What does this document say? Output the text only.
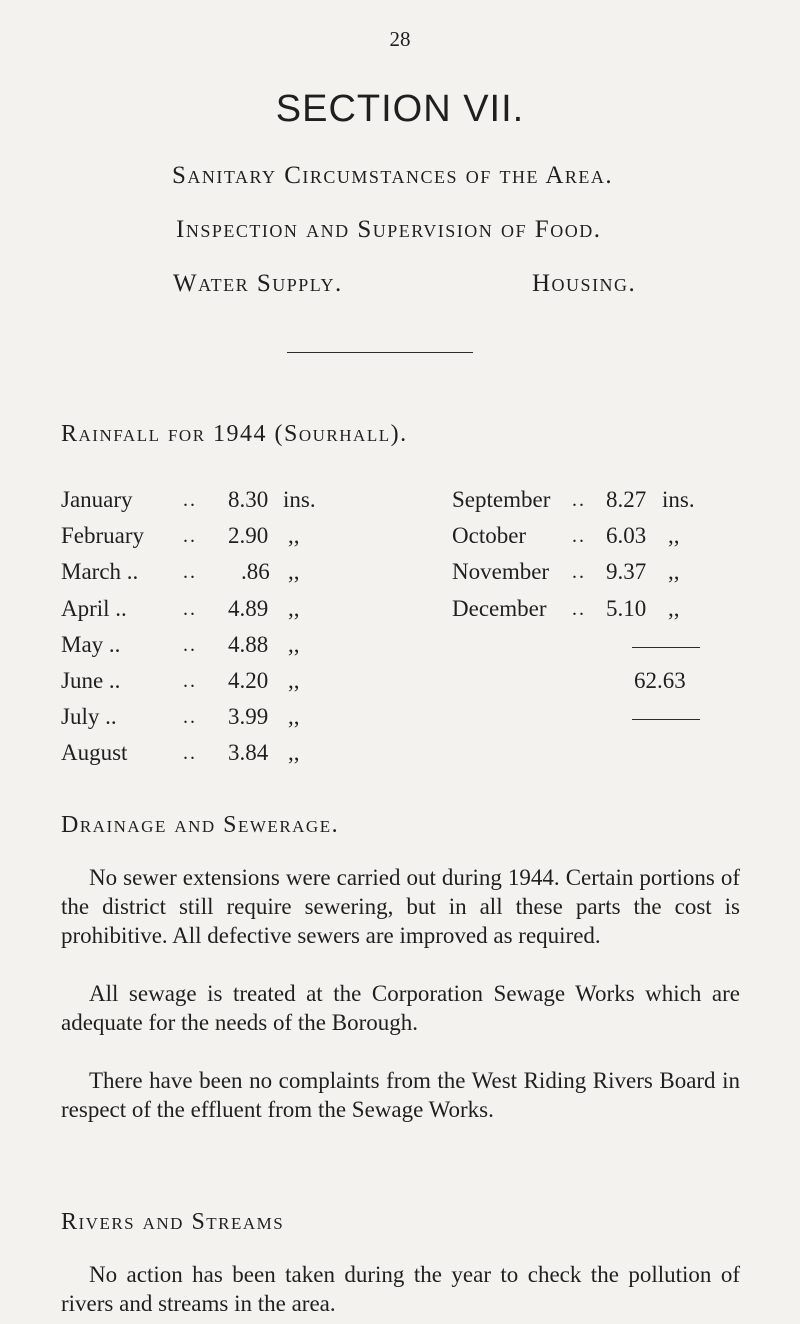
28
SECTION VII.
Sanitary Circumstances of the Area.
Inspection and Supervision of Food.
Water Supply.	Housing.
Rainfall for 1944 (Sourhall).
January	.. 8.30 ins.
February .. 2.90 ,,
March .. .. .86 ,,
April ..	.. 4.89 ,,
May ..	.. 4.88 ,,
June ..	.. 4.20 ,,
July ..	.. 3.99 ,,
August	.. 3.84 ,,
September .. 8.27 ins.
October .. 6.03 ,,
November .. 9.37 ,,
December .. 5.10 ,,
62.63
Drainage and Sewerage.

No sewer extensions were carried out during 1944. Certain portions of the district still require sewering, but in all these parts the cost is prohibitive. All defective sewers are improved as required.

All sewage is treated at the Corporation Sewage Works which are adequate for the needs of the Borough.

There have been no complaints from the West Riding Rivers Board in respect of the effluent from the Sewage Works.

Rivers and Streams

No action has been taken during the year to check the pollution of rivers and streams in the area.
